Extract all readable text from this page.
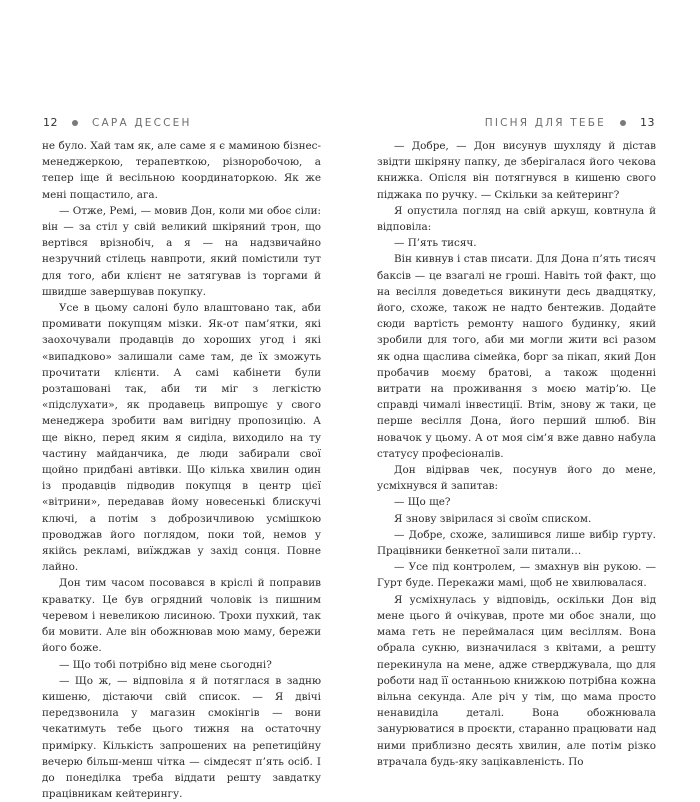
12	САРА ДЕССЕН

не було. Хай там як, але саме я є маминою бізнес-менеджеркою, терапевткою, різноробочою, а тепер іще й весільною координаторкою. Як же мені пощастило, ага.

— Отже, Ремі, — мовив Дон, коли ми обоє сіли: він — за стіл у свій великий шкіряний трон, що вертівся врізнобіч, а я — на надзвичайно незручний стілець навпроти, який помістили тут для того, аби клієнт не затягував із торгами й швидше завершував покупку.

Усе в цьому салоні було влаштовано так, аби промивати покупцям мізки. Як-от пам’ятки, які заохочували продавців до хороших угод і які «випадково» залишали саме там, де їх зможуть прочитати клієнти. А самі кабінети були розташовані так, аби ти міг з легкістю «підслухати», як продавець випрошує у свого менеджера зробити вам вигідну пропозицію. А ще вікно, перед яким я сиділа, виходило на ту частину майданчика, де люди забирали свої щойно придбані автівки. Що кілька хвилин один із продавців підводив покупця в центр цієї «вітрини», передавав йому новесенькі блискучі ключі, а потім з доброзичливою усмішкою проводжав його поглядом, поки той, немов у якійсь рекламі, виїжджав у захід сонця. Повне лайно.

Дон тим часом посовався в кріслі й поправив краватку. Це був огрядний чоловік із пишним черевом і невеликою лисиною. Трохи пухкий, так би мовити. Але він обожнював мою маму, бережи його боже.

— Що тобі потрібно від мене сьогодні?

— Що ж, — відповіла я й потяглася в задню кишеню, дістаючи свій список. — Я двічі передзвонила у магазин смокінгів — вони чекатимуть тебе цього тижня на остаточну примірку. Кількість запрошених на репетиційну вечерю більш-менш чітка — сімдесят п’ять осіб. І до понеділка треба віддати решту завдатку працівникам кейтерингу.

ПІСНЯ ДЛЯ ТЕБЕ	13

— Добре, — Дон висунув шухляду й дістав звідти шкіряну папку, де зберігалася його чекова книжка. Опісля він потягнувся в кишеню свого піджака по ручку. — Скільки за кейтеринг?

Я опустила погляд на свій аркуш, ковтнула й відповіла:

— П’ять тисяч.

Він кивнув і став писати. Для Дона п’ять тисяч баксів — це взагалі не гроші. Навіть той факт, що на весілля доведеться викинути десь двадцятку, його, схоже, також не надто бентежив. Додайте сюди вартість ремонту нашого будинку, який зробили для того, аби ми могли жити всі разом як одна щаслива сімейка, борг за пікап, який Дон пробачив моєму братові, а також щоденні витрати на проживання з моєю матір’ю. Це справді чималі інвестиції. Втім, знову ж таки, це перше весілля Дона, його перший шлюб. Він новачок у цьому. А от моя сім’я вже давно набула статусу професіоналів.

Дон відірвав чек, посунув його до мене, усміхнувся й запитав:

— Що ще?

Я знову звірилася зі своїм списком.

— Добре, схоже, залишився лише вибір гурту. Працівники бенкетної зали питали…

— Усе під контролем, — змахнув він рукою. — Гурт буде. Перекажи мамі, щоб не хвилювалася.

Я усміхнулась у відповідь, оскільки Дон від мене цього й очікував, проте ми обоє знали, що мама геть не переймалася цим весіллям. Вона обрала сукню, визначилася з квітами, а решту перекинула на мене, адже стверджувала, що для роботи над її останньою книжкою потрібна кожна вільна секунда. Але річ у тім, що мама просто ненавиділа деталі. Вона обожнювала занурюватися в проєкти, старанно працювати над ними приблизно десять хвилин, але потім різко втрачала будь-яку зацікавленість. По
